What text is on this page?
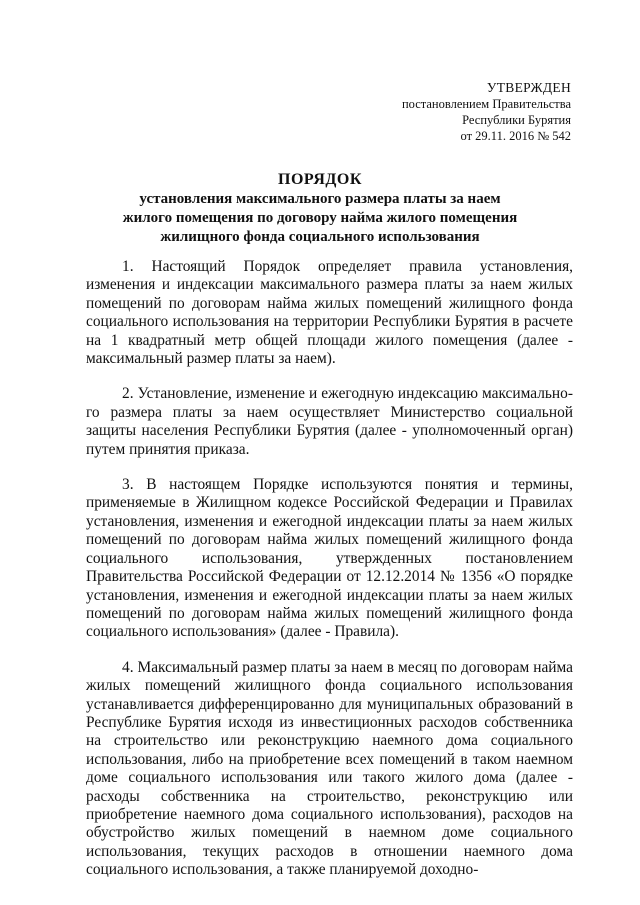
УТВЕРЖДЕН
постановлением Правительства
Республики Бурятия
от 29.11. 2016 № 542
ПОРЯДОК
установления максимального размера платы за наем
жилого помещения по договору найма жилого помещения
жилищного фонда социального использования

1. Настоящий Порядок определяет правила установления, изменения и индексации максимального размера платы за наем жилых помещений по договорам найма жилых помещений жилищного фонда социального использования на территории Республики Бурятия в расчете на 1 квадратный метр общей площади жилого помещения (далее - максимальный размер платы за наем).

2. Установление, изменение и ежегодную индексацию максимального размера платы за наем осуществляет Министерство социальной защиты населения Республики Бурятия (далее - уполномоченный орган) путем принятия приказа.

3. В настоящем Порядке используются понятия и термины, применяемые в Жилищном кодексе Российской Федерации и Правилах установления, изменения и ежегодной индексации платы за наем жилых помещений по договорам найма жилых помещений жилищного фонда социального использования, утвержденных постановлением Правительства Российской Федерации от 12.12.2014 № 1356 «О порядке установления, изменения и ежегодной индексации платы за наем жилых помещений по договорам найма жилых помещений жилищного фонда социального использования» (далее - Правила).

4. Максимальный размер платы за наем в месяц по договорам найма жилых помещений жилищного фонда социального использования устанавливается дифференцированно для муниципальных образований в Республике Бурятия исходя из инвестиционных расходов собственника на строительство или реконструкцию наемного дома социального использования, либо на приобретение всех помещений в таком наемном доме социального использования или такого жилого дома (далее - расходы собственника на строительство, реконструкцию или приобретение наемного дома социального использования), расходов на обустройство жилых помещений в наемном доме социального использования, текущих расходов в отношении наемного дома социального использования, а также планируемой доходно-
